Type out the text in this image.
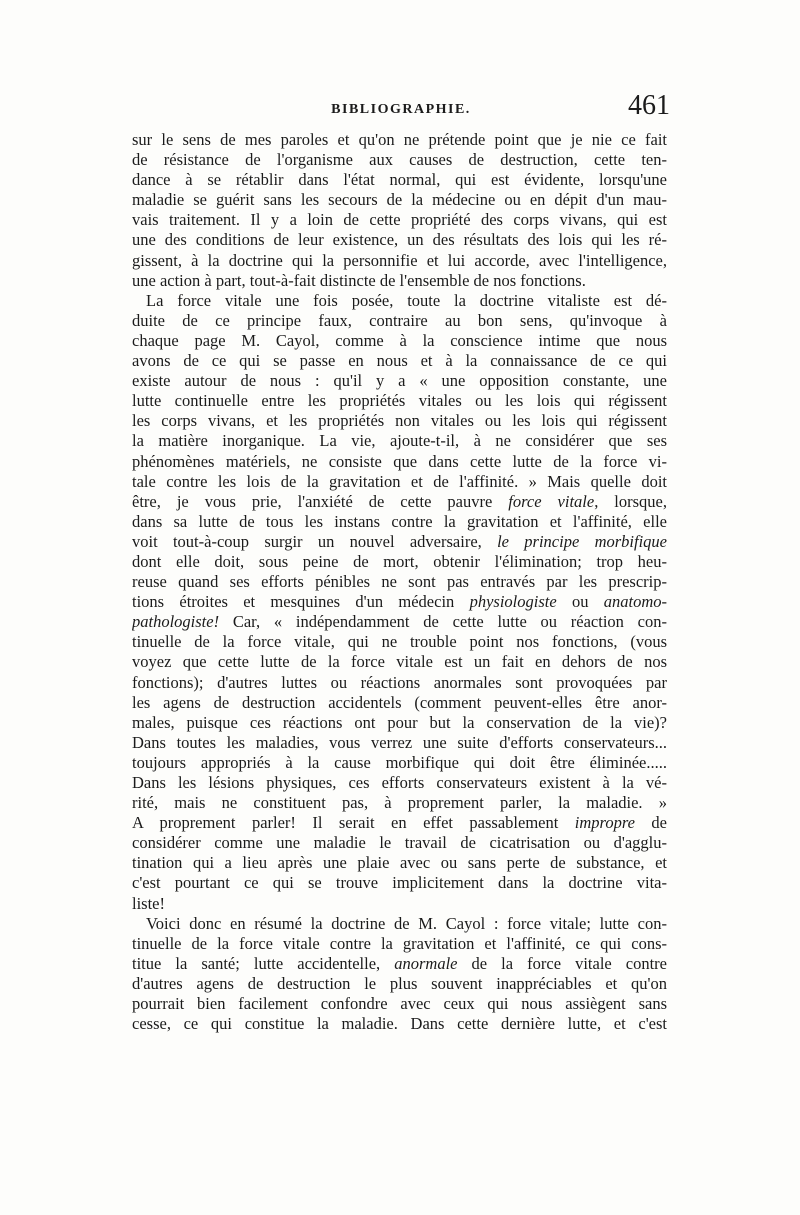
BIBLIOGRAPHIE.	461
sur le sens de mes paroles et qu'on ne prétende point que je nie ce fait
de résistance de l'organisme aux causes de destruction, cette ten-
dance à se rétablir dans l'état normal, qui est évidente, lorsqu'une
maladie se guérit sans les secours de la médecine ou en dépit d'un mau-
vais traitement. Il y a loin de cette propriété des corps vivans, qui est
une des conditions de leur existence, un des résultats des lois qui les ré-
gissent, à la doctrine qui la personnifie et lui accorde, avec l'intelligence,
une action à part, tout-à-fait distincte de l'ensemble de nos fonctions.
La force vitale une fois posée, toute la doctrine vitaliste est dé-
duite de ce principe faux, contraire au bon sens, qu'invoque à
chaque page M. Cayol, comme à la conscience intime que nous
avons de ce qui se passe en nous et à la connaissance de ce qui
existe autour de nous : qu'il y a « une opposition constante, une
lutte continuelle entre les propriétés vitales ou les lois qui régissent
les corps vivans, et les propriétés non vitales ou les lois qui régissent
la matière inorganique. La vie, ajoute-t-il, à ne considérer que ses
phénomènes matériels, ne consiste que dans cette lutte de la force vi-
tale contre les lois de la gravitation et de l'affinité. » Mais quelle doit
être, je vous prie, l'anxiété de cette pauvre force vitale, lorsque,
dans sa lutte de tous les instans contre la gravitation et l'affinité, elle
voit tout-à-coup surgir un nouvel adversaire, le principe morbifique
dont elle doit, sous peine de mort, obtenir l'élimination; trop heu-
reuse quand ses efforts pénibles ne sont pas entravés par les prescrip-
tions étroites et mesquines d'un médecin physiologiste ou anatomo-
pathologiste! Car, « indépendamment de cette lutte ou réaction con-
tinuelle de la force vitale, qui ne trouble point nos fonctions, (vous
voyez que cette lutte de la force vitale est un fait en dehors de nos
fonctions); d'autres luttes ou réactions anormales sont provoquées par
les agens de destruction accidentels (comment peuvent-elles être anor-
males, puisque ces réactions ont pour but la conservation de la vie)?
Dans toutes les maladies, vous verrez une suite d'efforts conservateurs...
toujours appropriés à la cause morbifique qui doit être éliminée.....
Dans les lésions physiques, ces efforts conservateurs existent à la vé-
rité, mais ne constituent pas, à proprement parler, la maladie. »
A proprement parler! Il serait en effet passablement impropre de
considérer comme une maladie le travail de cicatrisation ou d'agglu-
tination qui a lieu après une plaie avec ou sans perte de substance, et
c'est pourtant ce qui se trouve implicitement dans la doctrine vita-
liste!
Voici donc en résumé la doctrine de M. Cayol : force vitale; lutte con-
tinuelle de la force vitale contre la gravitation et l'affinité, ce qui cons-
titue la santé; lutte accidentelle, anormale de la force vitale contre
d'autres agens de destruction le plus souvent inappréciables et qu'on
pourrait bien facilement confondre avec ceux qui nous assiègent sans
cesse, ce qui constitue la maladie. Dans cette dernière lutte, et c'est
